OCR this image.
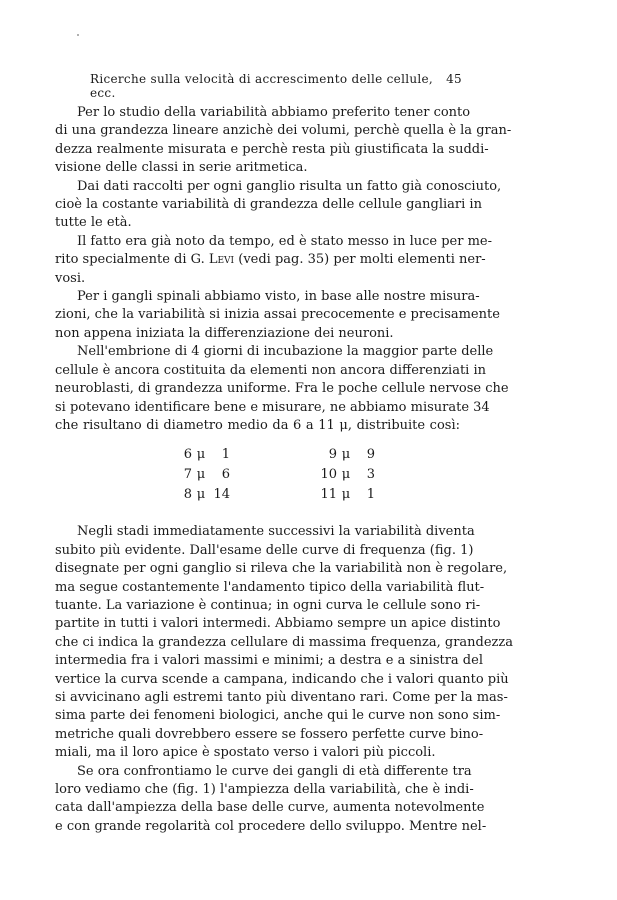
Ricerche sulla velocità di accrescimento delle cellule, ecc.
45
Per lo studio della variabilità abbiamo preferito tener conto
di una grandezza lineare anzichè dei volumi, perchè quella è la gran-
dezza realmente misurata e perchè resta più giustificata la suddi-
visione delle classi in serie aritmetica.
Dai dati raccolti per ogni ganglio risulta un fatto già conosciuto,
cioè la costante variabilità di grandezza delle cellule gangliari in
tutte le età.
Il fatto era già noto da tempo, ed è stato messo in luce per me-
rito specialmente di G. Levi (vedi pag. 35) per molti elementi ner-
vosi.
Per i gangli spinali abbiamo visto, in base alle nostre misura-
zioni, che la variabilità si inizia assai precocemente e precisamente
non appena iniziata la differenziazione dei neuroni.
Nell'embrione di 4 giorni di incubazione la maggior parte delle
cellule è ancora costituita da elementi non ancora differenziati in
neuroblasti, di grandezza uniforme. Fra le poche cellule nervose che
si potevano identificare bene e misurare, ne abbiamo misurate 34
che risultano di diametro medio da 6 a 11 μ, distribuite così:
6 μ 1
7 μ 6
8 μ 14
9 μ 9
10 μ 3
11 μ 1
Negli stadi immediatamente successivi la variabilità diventa
subito più evidente. Dall'esame delle curve di frequenza (fig. 1)
disegnate per ogni ganglio si rileva che la variabilità non è regolare,
ma segue costantemente l'andamento tipico della variabilità flut-
tuante. La variazione è continua; in ogni curva le cellule sono ri-
partite in tutti i valori intermedi. Abbiamo sempre un apice distinto
che ci indica la grandezza cellulare di massima frequenza, grandezza
intermedia fra i valori massimi e minimi; a destra e a sinistra del
vertice la curva scende a campana, indicando che i valori quanto più
si avvicinano agli estremi tanto più diventano rari. Come per la mas-
sima parte dei fenomeni biologici, anche qui le curve non sono sim-
metriche quali dovrebbero essere se fossero perfette curve bino-
miali, ma il loro apice è spostato verso i valori più piccoli.
Se ora confrontiamo le curve dei gangli di età differente tra
loro vediamo che (fig. 1) l'ampiezza della variabilità, che è indi-
cata dall'ampiezza della base delle curve, aumenta notevolmente
e con grande regolarità col procedere dello sviluppo. Mentre nel-
